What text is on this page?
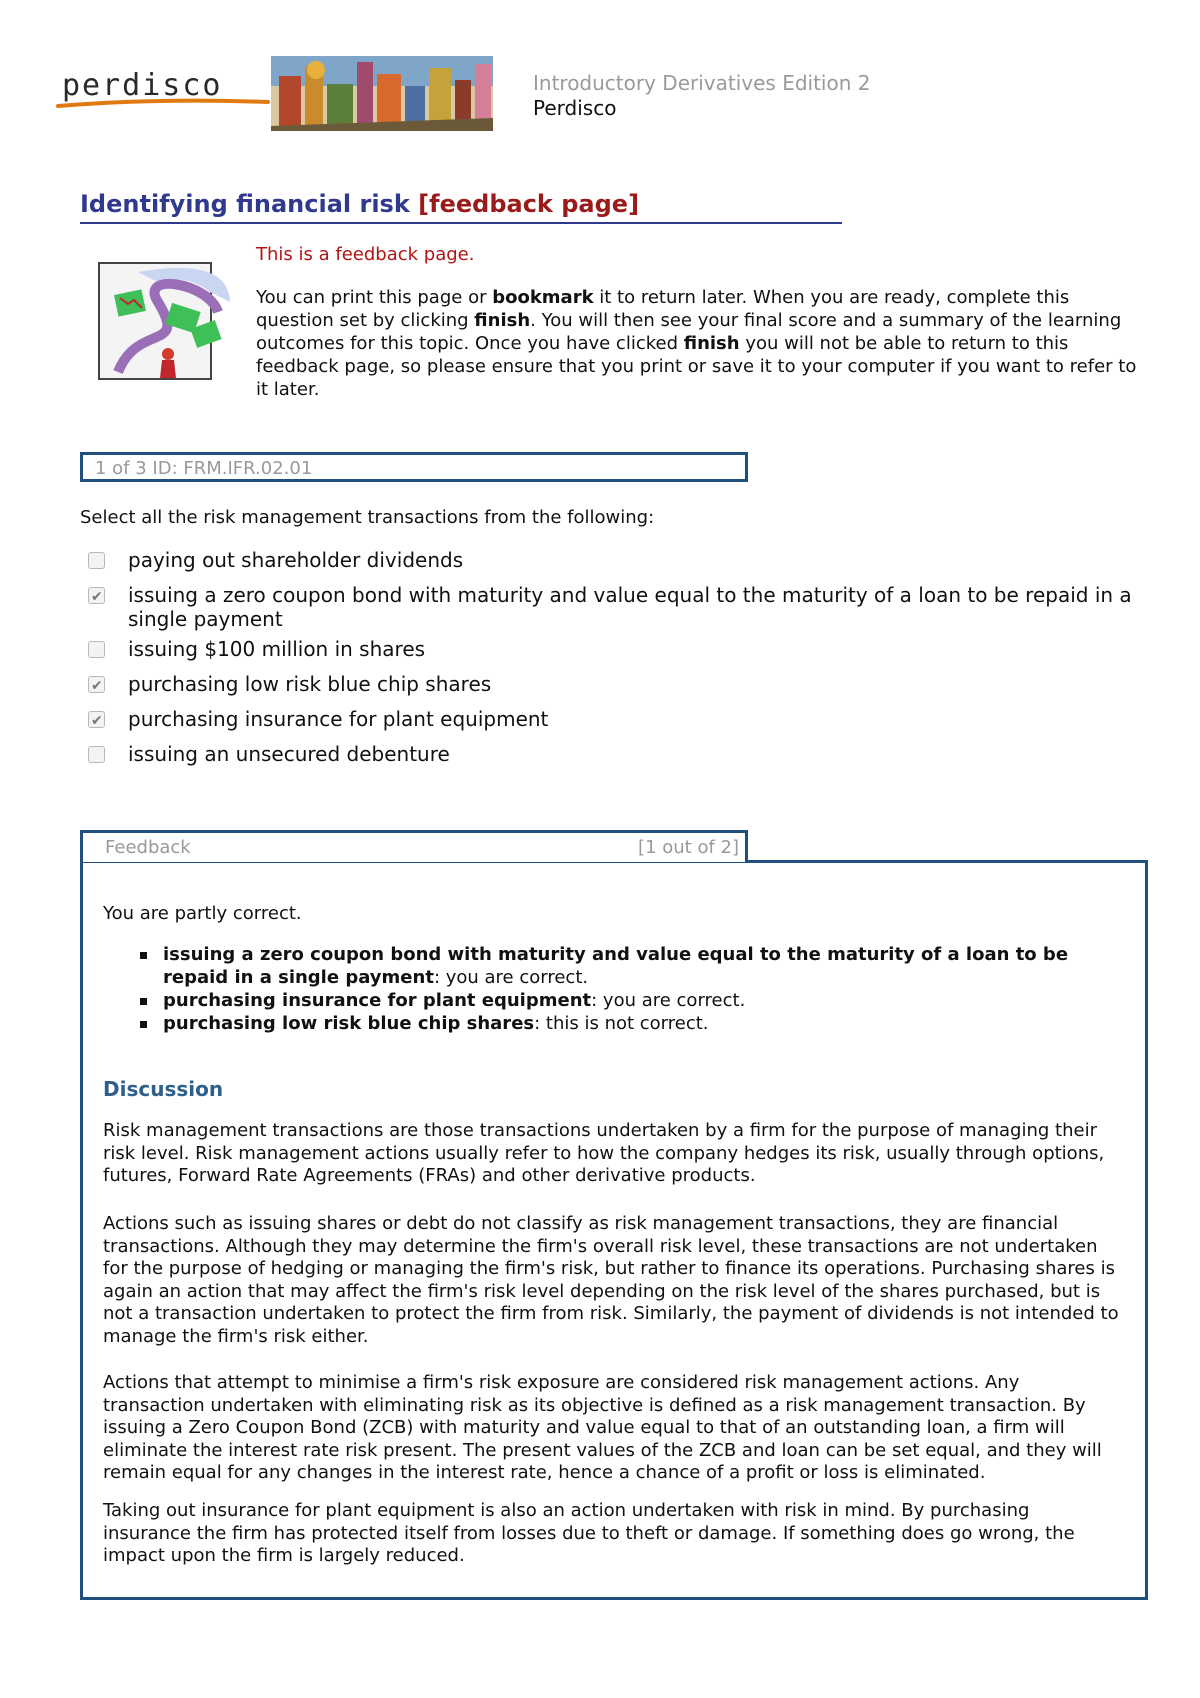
perdisco	Introductory Derivatives Edition 2
Perdisco
Identifying financial risk [feedback page]
This is a feedback page.
You can print this page or bookmark it to return later. When you are ready, complete this question set by clicking finish. You will then see your final score and a summary of the learning outcomes for this topic. Once you have clicked finish you will not be able to return to this feedback page, so please ensure that you print or save it to your computer if you want to refer to it later.
1 of 3 ID: FRM.IFR.02.01
Select all the risk management transactions from the following:
paying out shareholder dividends
✔
issuing a zero coupon bond with maturity and value equal to the maturity of a loan to be repaid in a single payment
issuing $100 million in shares
✔
purchasing low risk blue chip shares
✔
purchasing insurance for plant equipment
issuing an unsecured debenture
Feedback	[1 out of 2]
You are partly correct.
issuing a zero coupon bond with maturity and value equal to the maturity of a loan to be repaid in a single payment: you are correct.
purchasing insurance for plant equipment: you are correct.
purchasing low risk blue chip shares: this is not correct.
Discussion
Risk management transactions are those transactions undertaken by a firm for the purpose of managing their risk level. Risk management actions usually refer to how the company hedges its risk, usually through options, futures, Forward Rate Agreements (FRAs) and other derivative products.
Actions such as issuing shares or debt do not classify as risk management transactions, they are financial transactions. Although they may determine the firm's overall risk level, these transactions are not undertaken for the purpose of hedging or managing the firm's risk, but rather to finance its operations. Purchasing shares is again an action that may affect the firm's risk level depending on the risk level of the shares purchased, but is not a transaction undertaken to protect the firm from risk. Similarly, the payment of dividends is not intended to manage the firm's risk either.
Actions that attempt to minimise a firm's risk exposure are considered risk management actions. Any transaction undertaken with eliminating risk as its objective is defined as a risk management transaction. By issuing a Zero Coupon Bond (ZCB) with maturity and value equal to that of an outstanding loan, a firm will eliminate the interest rate risk present. The present values of the ZCB and loan can be set equal, and they will remain equal for any changes in the interest rate, hence a chance of a profit or loss is eliminated.
Taking out insurance for plant equipment is also an action undertaken with risk in mind. By purchasing insurance the firm has protected itself from losses due to theft or damage. If something does go wrong, the impact upon the firm is largely reduced.
